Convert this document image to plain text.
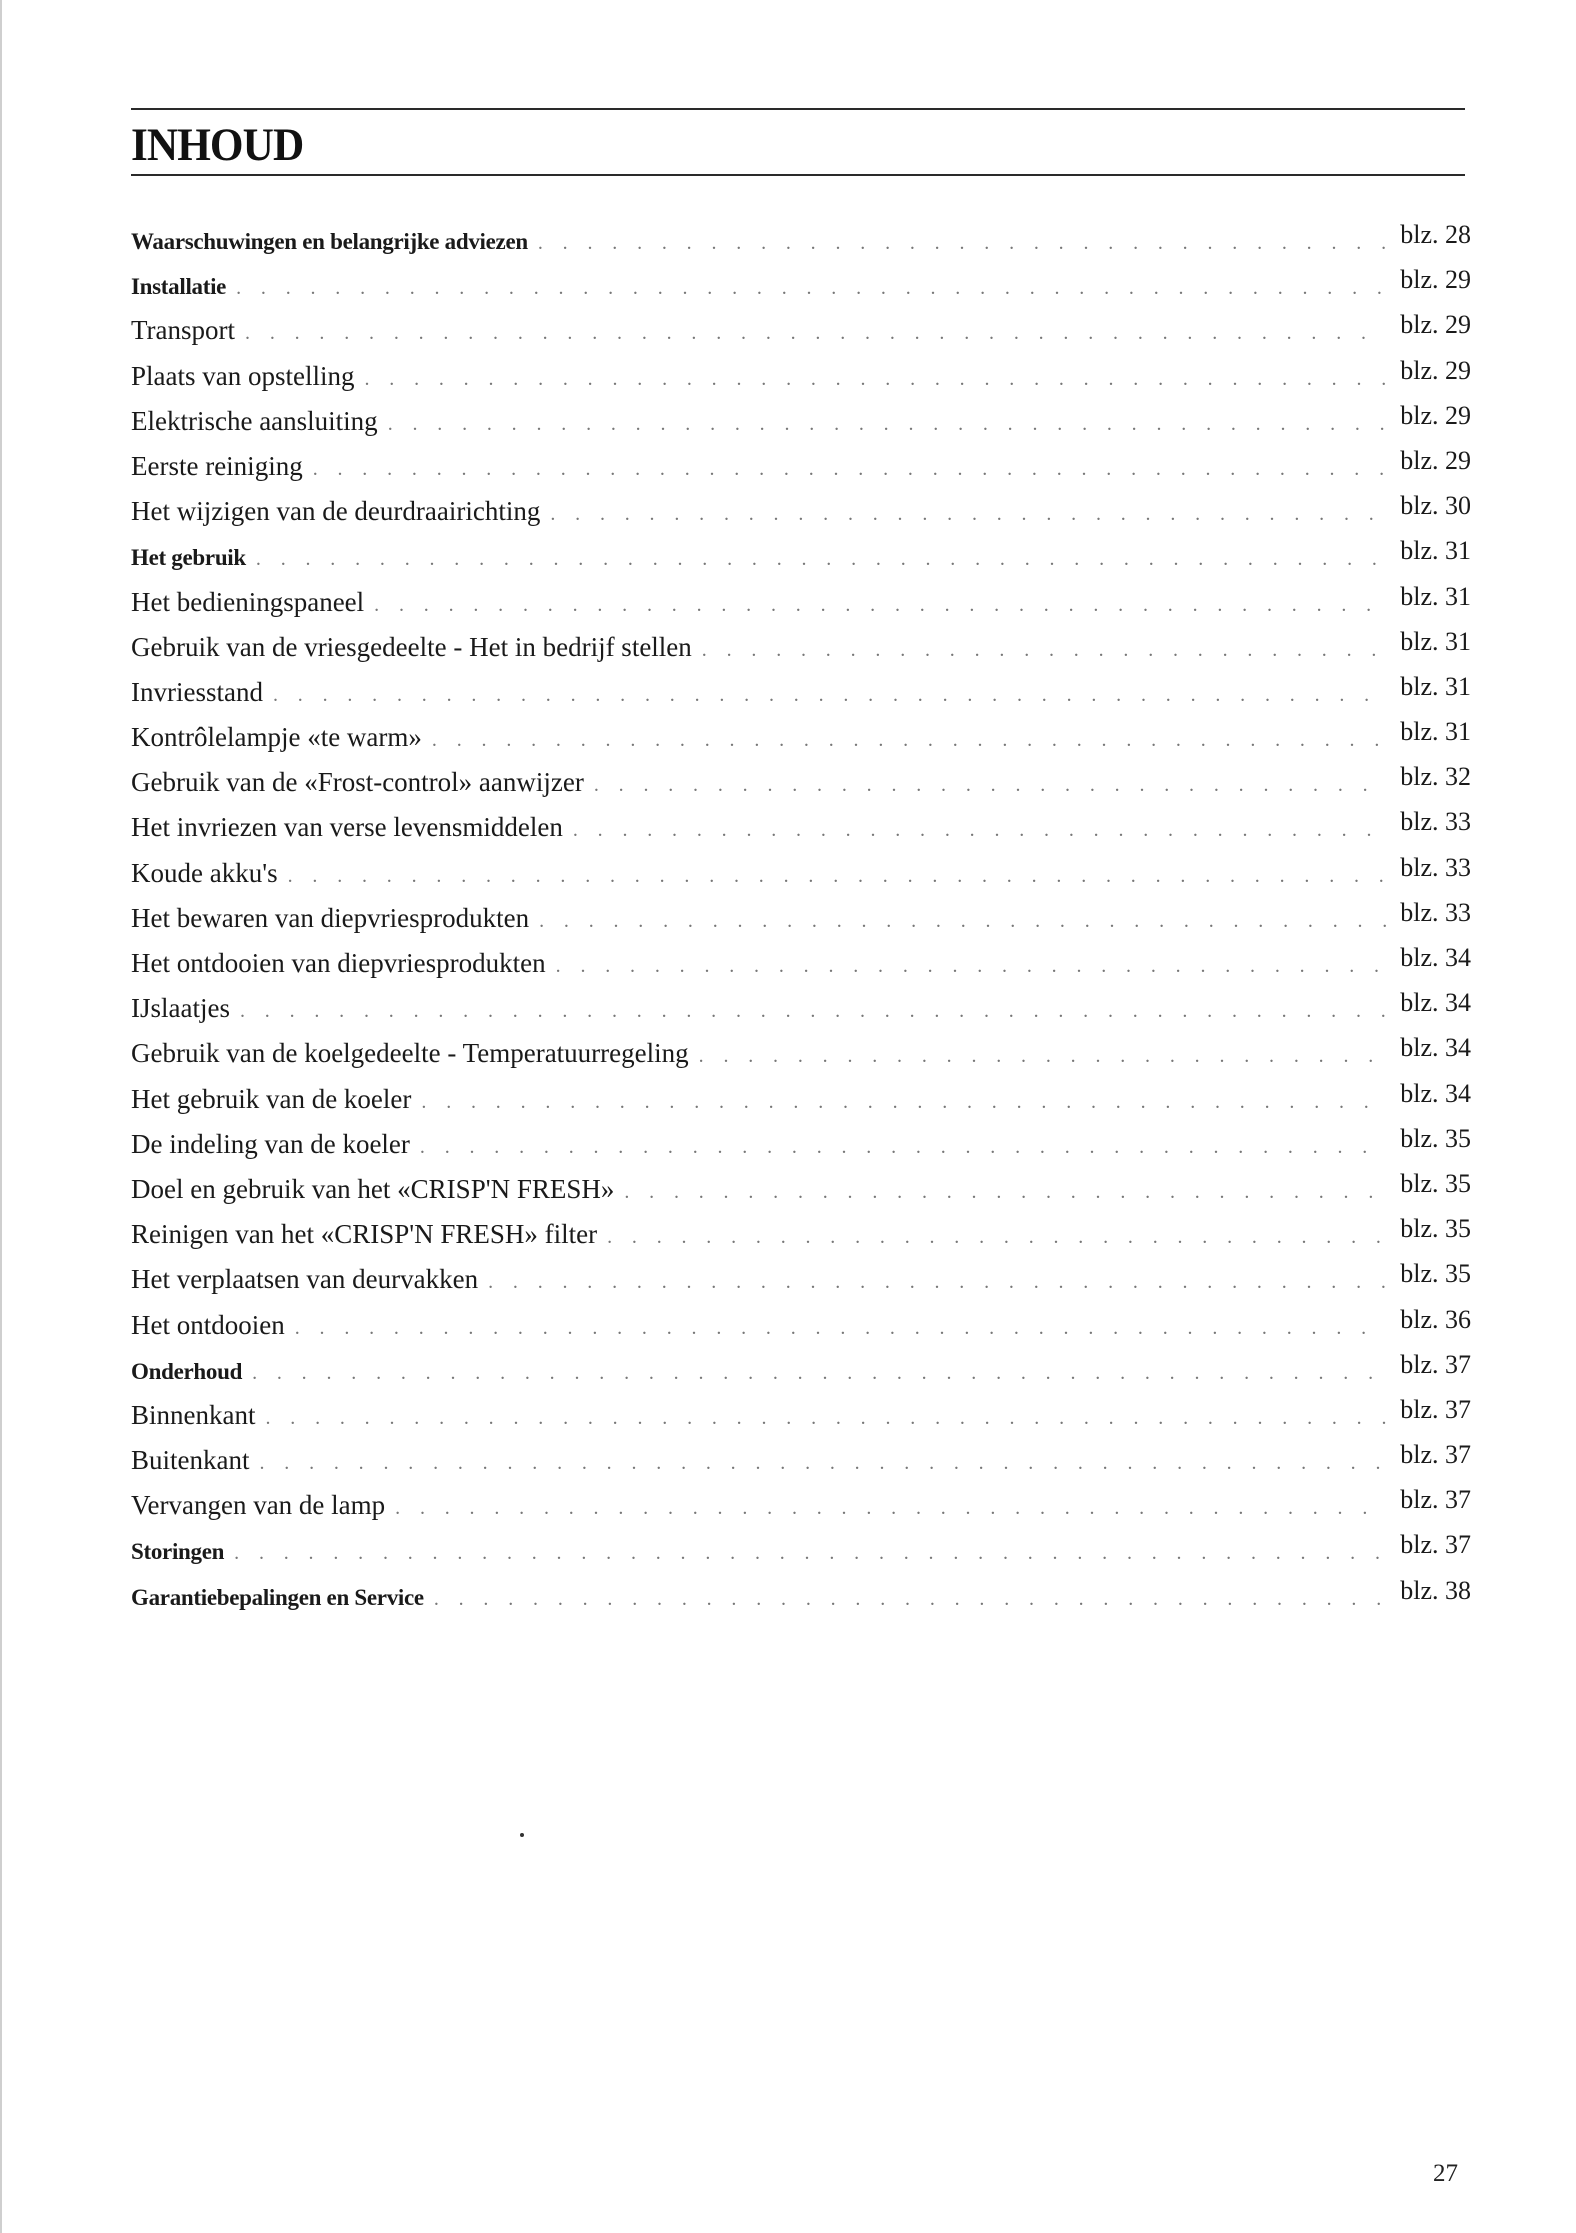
INHOUD
Waarschuwingen en belangrijke adviezen . . .	blz. 28
Installatie . . .	blz. 29
Transport . . .	blz. 29
Plaats van opstelling . . .	blz. 29
Elektrische aansluiting . . .	blz. 29
Eerste reiniging . . .	blz. 29
Het wijzigen van de deurdraairichting . . .	blz. 30
Het gebruik . . .	blz. 31
Het bedieningspaneel . . .	blz. 31
Gebruik van de vriesgedeelte - Het in bedrijf stellen . . .	blz. 31
Invriesstand . . .	blz. 31
Kontrôlelampje «te warm» . . .	blz. 31
Gebruik van de «Frost-control» aanwijzer . . .	blz. 32
Het invriezen van verse levensmiddelen . . .	blz. 33
Koude akku's . . .	blz. 33
Het bewaren van diepvriesprodukten . . .	blz. 33
Het ontdooien van diepvriesprodukten . . .	blz. 34
IJslaatjes . . .	blz. 34
Gebruik van de koelgedeelte - Temperatuurregeling . . .	blz. 34
Het gebruik van de koeler . . .	blz. 34
De indeling van de koeler . . .	blz. 35
Doel en gebruik van het «CRISP'N FRESH» . . .	blz. 35
Reinigen van het «CRISP'N FRESH» filter . . .	blz. 35
Het verplaatsen van deurvakken . . .	blz. 35
Het ontdooien . . .	blz. 36
Onderhoud . . .	blz. 37
Binnenkant . . .	blz. 37
Buitenkant . . .	blz. 37
Vervangen van de lamp . . .	blz. 37
Storingen . . .	blz. 37
Garantiebepalingen en Service . . .	blz. 38
27
